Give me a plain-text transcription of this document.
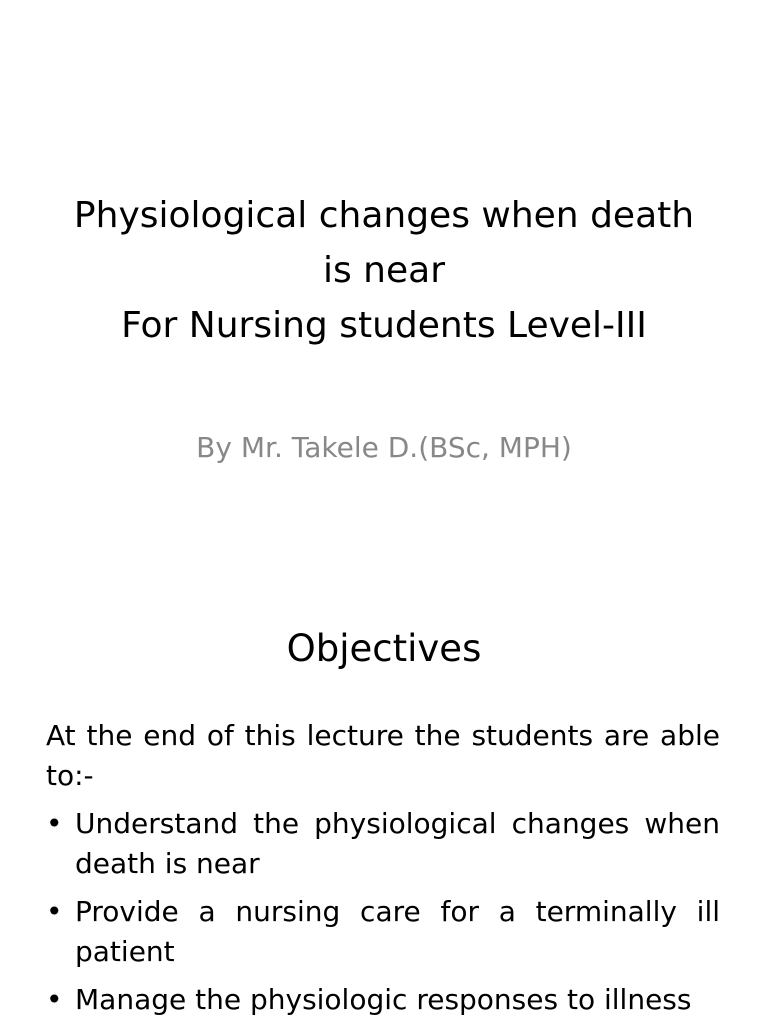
Physiological changes when death
is near
For Nursing students Level-III
By Mr. Takele D.(BSc, MPH)
Objectives

At the end of this lecture the students are able to:-

• Understand the physiological changes when death is near
• Provide a nursing care for a terminally ill patient
• Manage the physiologic responses to illness
